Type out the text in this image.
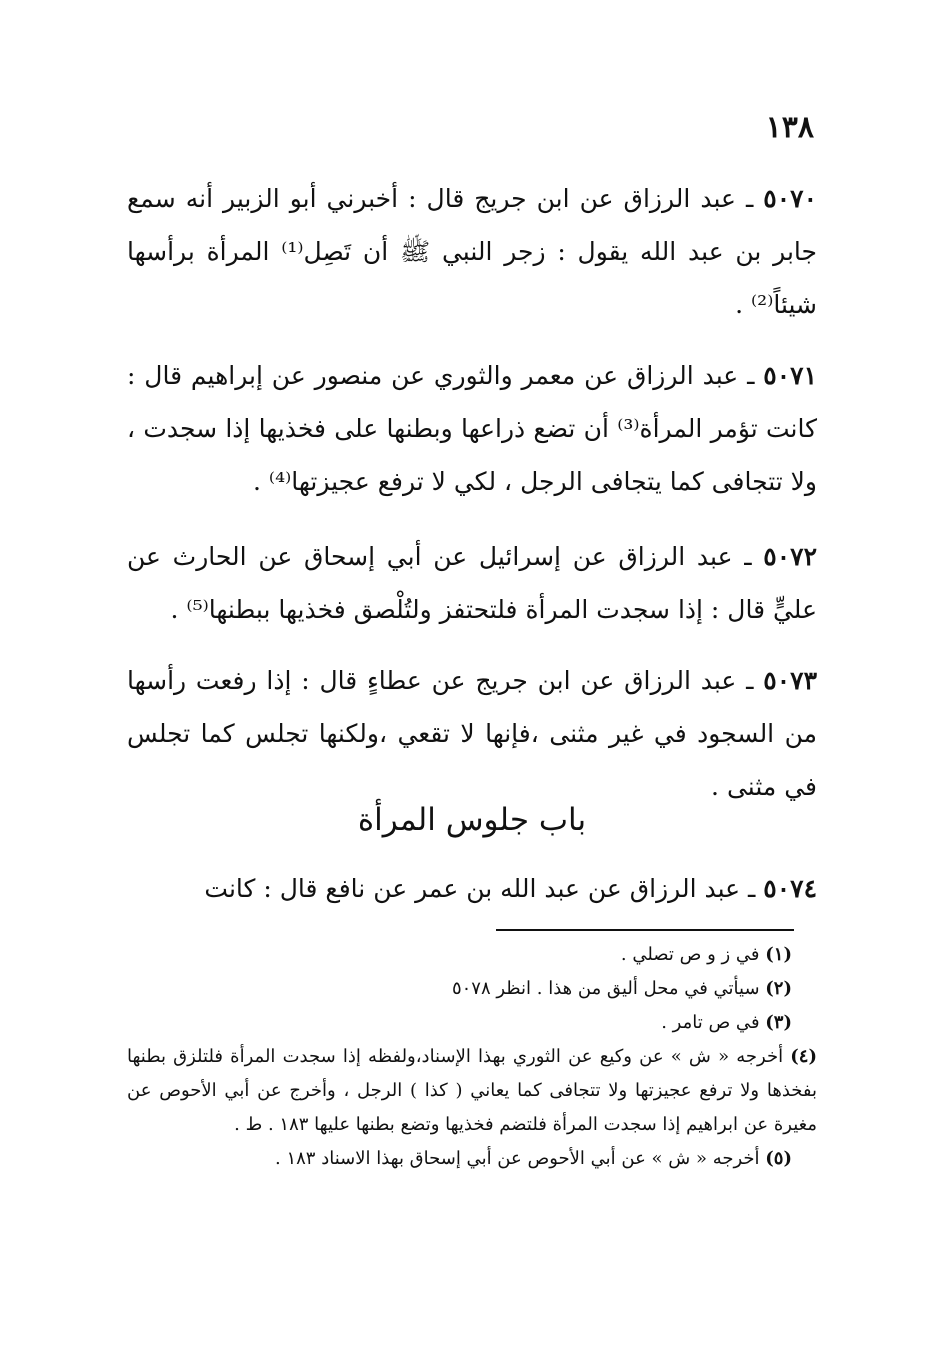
١٣٨

٥٠٧٠ ـ عبد الرزاق عن ابن جريج قال : أخبرني أبو الزبير أنه سمع جابر بن عبد الله يقول : زجر النبي ﷺ أن تَصِل⁽¹⁾ المرأة برأسها شيئاً⁽²⁾ .

٥٠٧١ ـ عبد الرزاق عن معمر والثوري عن منصور عن إبراهيم قال : كانت تؤمر المرأة⁽³⁾ أن تضع ذراعها وبطنها على فخذيها إذا سجدت ، ولا تتجافى كما يتجافى الرجل ، لكي لا ترفع عجيزتها⁽⁴⁾ .

٥٠٧٢ ـ عبد الرزاق عن إسرائيل عن أبي إسحاق عن الحارث عن عليٍّ قال : إذا سجدت المرأة فلتحتفز ولتُلْصق فخذيها ببطنها⁽⁵⁾ .

٥٠٧٣ ـ عبد الرزاق عن ابن جريج عن عطاءٍ قال : إذا رفعت رأسها من السجود في غير مثنى ،فإنها لا تقعي ،ولكنها تجلس كما تجلس في مثنى .

باب جلوس المرأة
٥٠٧٤ ـ عبد الرزاق عن عبد الله بن عمر عن نافع قال : كانت

(١) في ز و ص تصلي .

(٢) سيأتي في محل أليق من هذا . انظر ٥٠٧٨

(٣) في ص تامر .

(٤) أخرجه « ش » عن وكيع عن الثوري بهذا الإسناد،ولفظه إذا سجدت المرأة فلتلزق بطنها بفخذها ولا ترفع عجيزتها ولا تتجافى كما يعاني ( كذا ) الرجل ، وأخرج عن أبي الأحوص عن مغيرة عن ابراهيم إذا سجدت المرأة فلتضم فخذيها وتضع بطنها عليها ١٨٣ . ط .

(٥) أخرجه « ش » عن أبي الأحوص عن أبي إسحاق بهذا الاسناد ١٨٣ .
